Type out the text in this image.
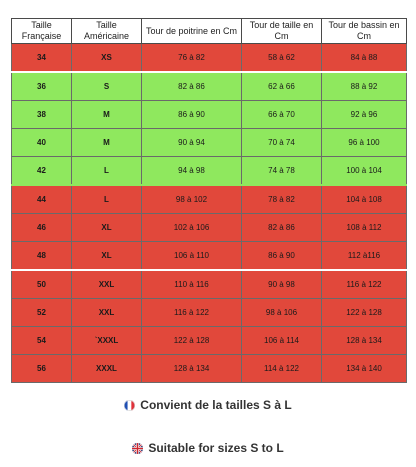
Taille Française	Taille Américaine	Tour de poitrine en Cm	Tour de taille en Cm	Tour de bassin en Cm
34	XS	76 à 82	58 à 62	84 à 88
36	S	82 à 86	62 à 66	88 à 92
38	M	86 à 90	66 à 70	92 à 96
40	M	90 à 94	70 à 74	96 à 100
42	L	94 à 98	74 à 78	100 à 104
44	L	98 à 102	78 à 82	104 à 108
46	XL	102 à 106	82 à 86	108 à 112
48	XL	106 à 110	86 à 90	112 à116
50	XXL	110 à 116	90 à 98	116 à 122
52	XXL	116 à 122	98 à 106	122 à 128
54	`XXXL	122 à 128	106 à 114	128 à 134
56	XXXL	128 à 134	114 à 122	134 à 140
Convient de la tailles S à L
Suitable for sizes S to L
